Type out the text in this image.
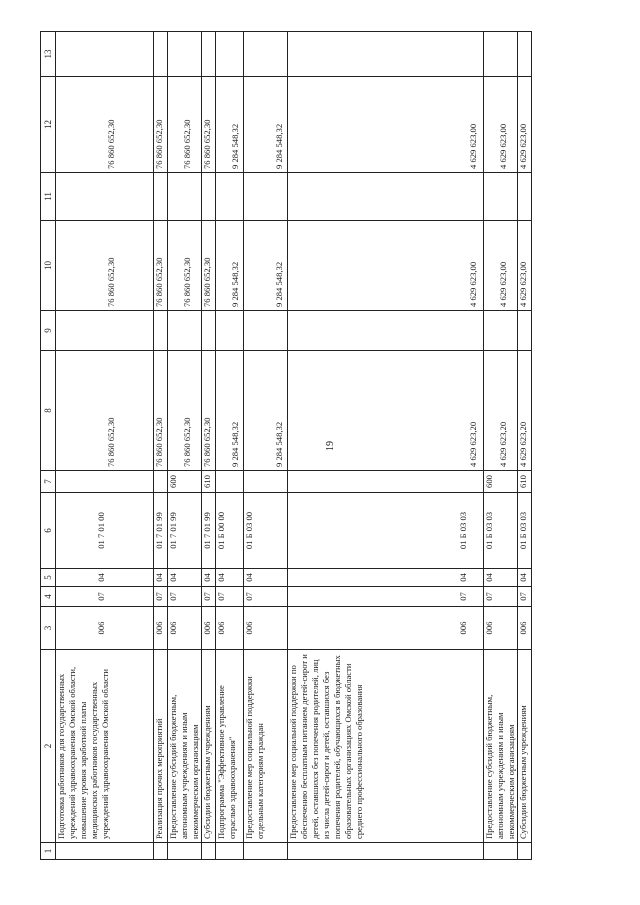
19
1	2	3	4	5	6	7	8	9	10	11	12	13
	Подготовка работников для государственных учреждений здравоохранения Омской области, повышение уровня заработной платы медицинских работников государственных учреждений здравоохранения Омской области	006	07	04	01 7 01 00		76 860 652,30		76 860 652,30		76 860 652,30	
	Реализация прочих мероприятий	006	07	04	01 7 01 99		76 860 652,30		76 860 652,30		76 860 652,30	
	Предоставление субсидий бюджетным, автономным учреждениям и иным некоммерческим организациям	006	07	04	01 7 01 99	600	76 860 652,30		76 860 652,30		76 860 652,30	
	Субсидии бюджетным учреждениям	006	07	04	01 7 01 99	610	76 860 652,30		76 860 652,30		76 860 652,30	
	Подпрограмма "Эффективное управление отраслью здравоохранения"	006	07	04	01 Б 00 00		9 284 548,32		9 284 548,32		9 284 548,32	
	Предоставление мер социальной поддержки отдельным категориям граждан	006	07	04	01 Б 03 00		9 284 548,32		9 284 548,32		9 284 548,32	
	Предоставление мер социальной поддержки по обеспечению бесплатным питанием детей-сирот и детей, оставшихся без попечения родителей, лиц из числа детей-сирот и детей, оставшихся без попечения родителей, обучающихся в бюджетных образовательных организациях Омской области среднего профессионального образования	006	07	04	01 Б 03 03		4 629 623,20		4 629 623,00		4 629 623,00	
	Предоставление субсидий бюджетным, автономным учреждениям и иным некоммерческим организациям	006	07	04	01 Б 03 03	600	4 629 623,20		4 629 623,00		4 629 623,00	
	Субсидии бюджетным учреждениям	006	07	04	01 Б 03 03	610	4 629 623,20		4 629 623,00		4 629 623,00	
